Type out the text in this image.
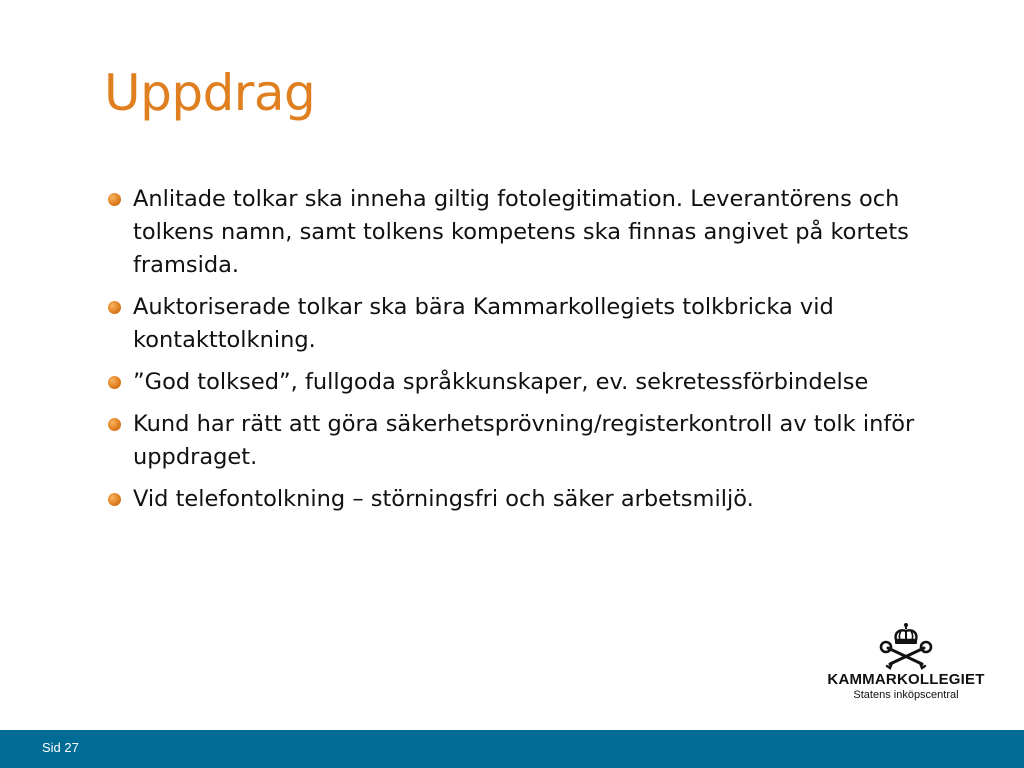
Uppdrag
Anlitade tolkar ska inneha giltig fotolegitimation. Leverantörens och tolkens namn, samt tolkens kompetens ska finnas angivet på kortets framsida.
Auktoriserade tolkar ska bära Kammarkollegiets tolkbricka vid kontakttolkning.
”God tolksed”, fullgoda språkkunskaper, ev. sekretessförbindelse
Kund har rätt att göra säkerhetsprövning/registerkontroll av tolk inför uppdraget.
Vid telefontolkning – störningsfri och säker arbetsmiljö.
KAMMARKOLLEGIET
Statens inköpscentral
Sid 27
